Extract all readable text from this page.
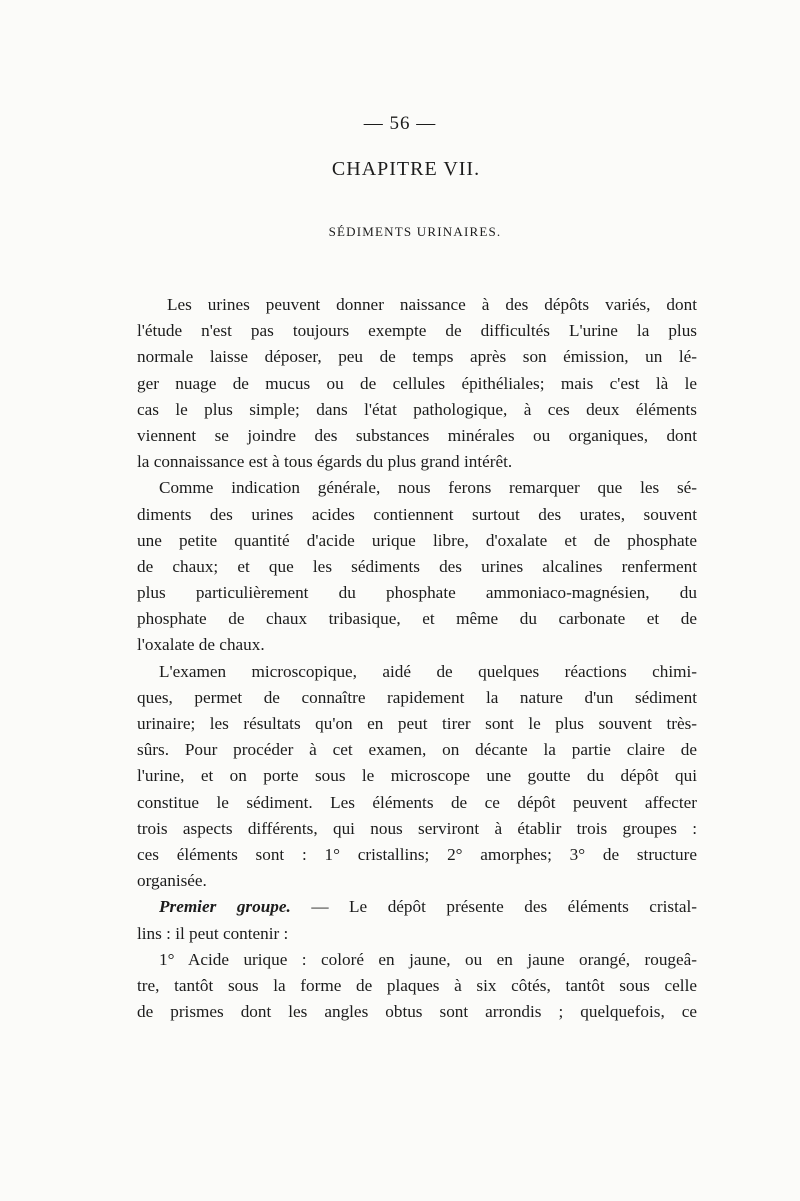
— 56 —
CHAPITRE VII.
SÉDIMENTS URINAIRES.
Les urines peuvent donner naissance à des dépôts variés, dont
l'étude n'est pas toujours exempte de difficultés L'urine la plus
normale laisse déposer, peu de temps après son émission, un lé-
ger nuage de mucus ou de cellules épithéliales; mais c'est là le
cas le plus simple; dans l'état pathologique, à ces deux éléments
viennent se joindre des substances minérales ou organiques, dont
la connaissance est à tous égards du plus grand intérêt.
Comme indication générale, nous ferons remarquer que les sé-
diments des urines acides contiennent surtout des urates, souvent
une petite quantité d'acide urique libre, d'oxalate et de phosphate
de chaux; et que les sédiments des urines alcalines renferment
plus particulièrement du phosphate ammoniaco-magnésien, du
phosphate de chaux tribasique, et même du carbonate et de
l'oxalate de chaux.
L'examen microscopique, aidé de quelques réactions chimi-
ques, permet de connaître rapidement la nature d'un sédiment
urinaire; les résultats qu'on en peut tirer sont le plus souvent très-
sûrs. Pour procéder à cet examen, on décante la partie claire de
l'urine, et on porte sous le microscope une goutte du dépôt qui
constitue le sédiment. Les éléments de ce dépôt peuvent affecter
trois aspects différents, qui nous serviront à établir trois groupes :
ces éléments sont : 1° cristallins; 2° amorphes; 3° de structure
organisée.
Premier groupe. — Le dépôt présente des éléments cristal-
lins : il peut contenir :
1° Acide urique : coloré en jaune, ou en jaune orangé, rougeâ-
tre, tantôt sous la forme de plaques à six côtés, tantôt sous celle
de prismes dont les angles obtus sont arrondis ; quelquefois, ce
